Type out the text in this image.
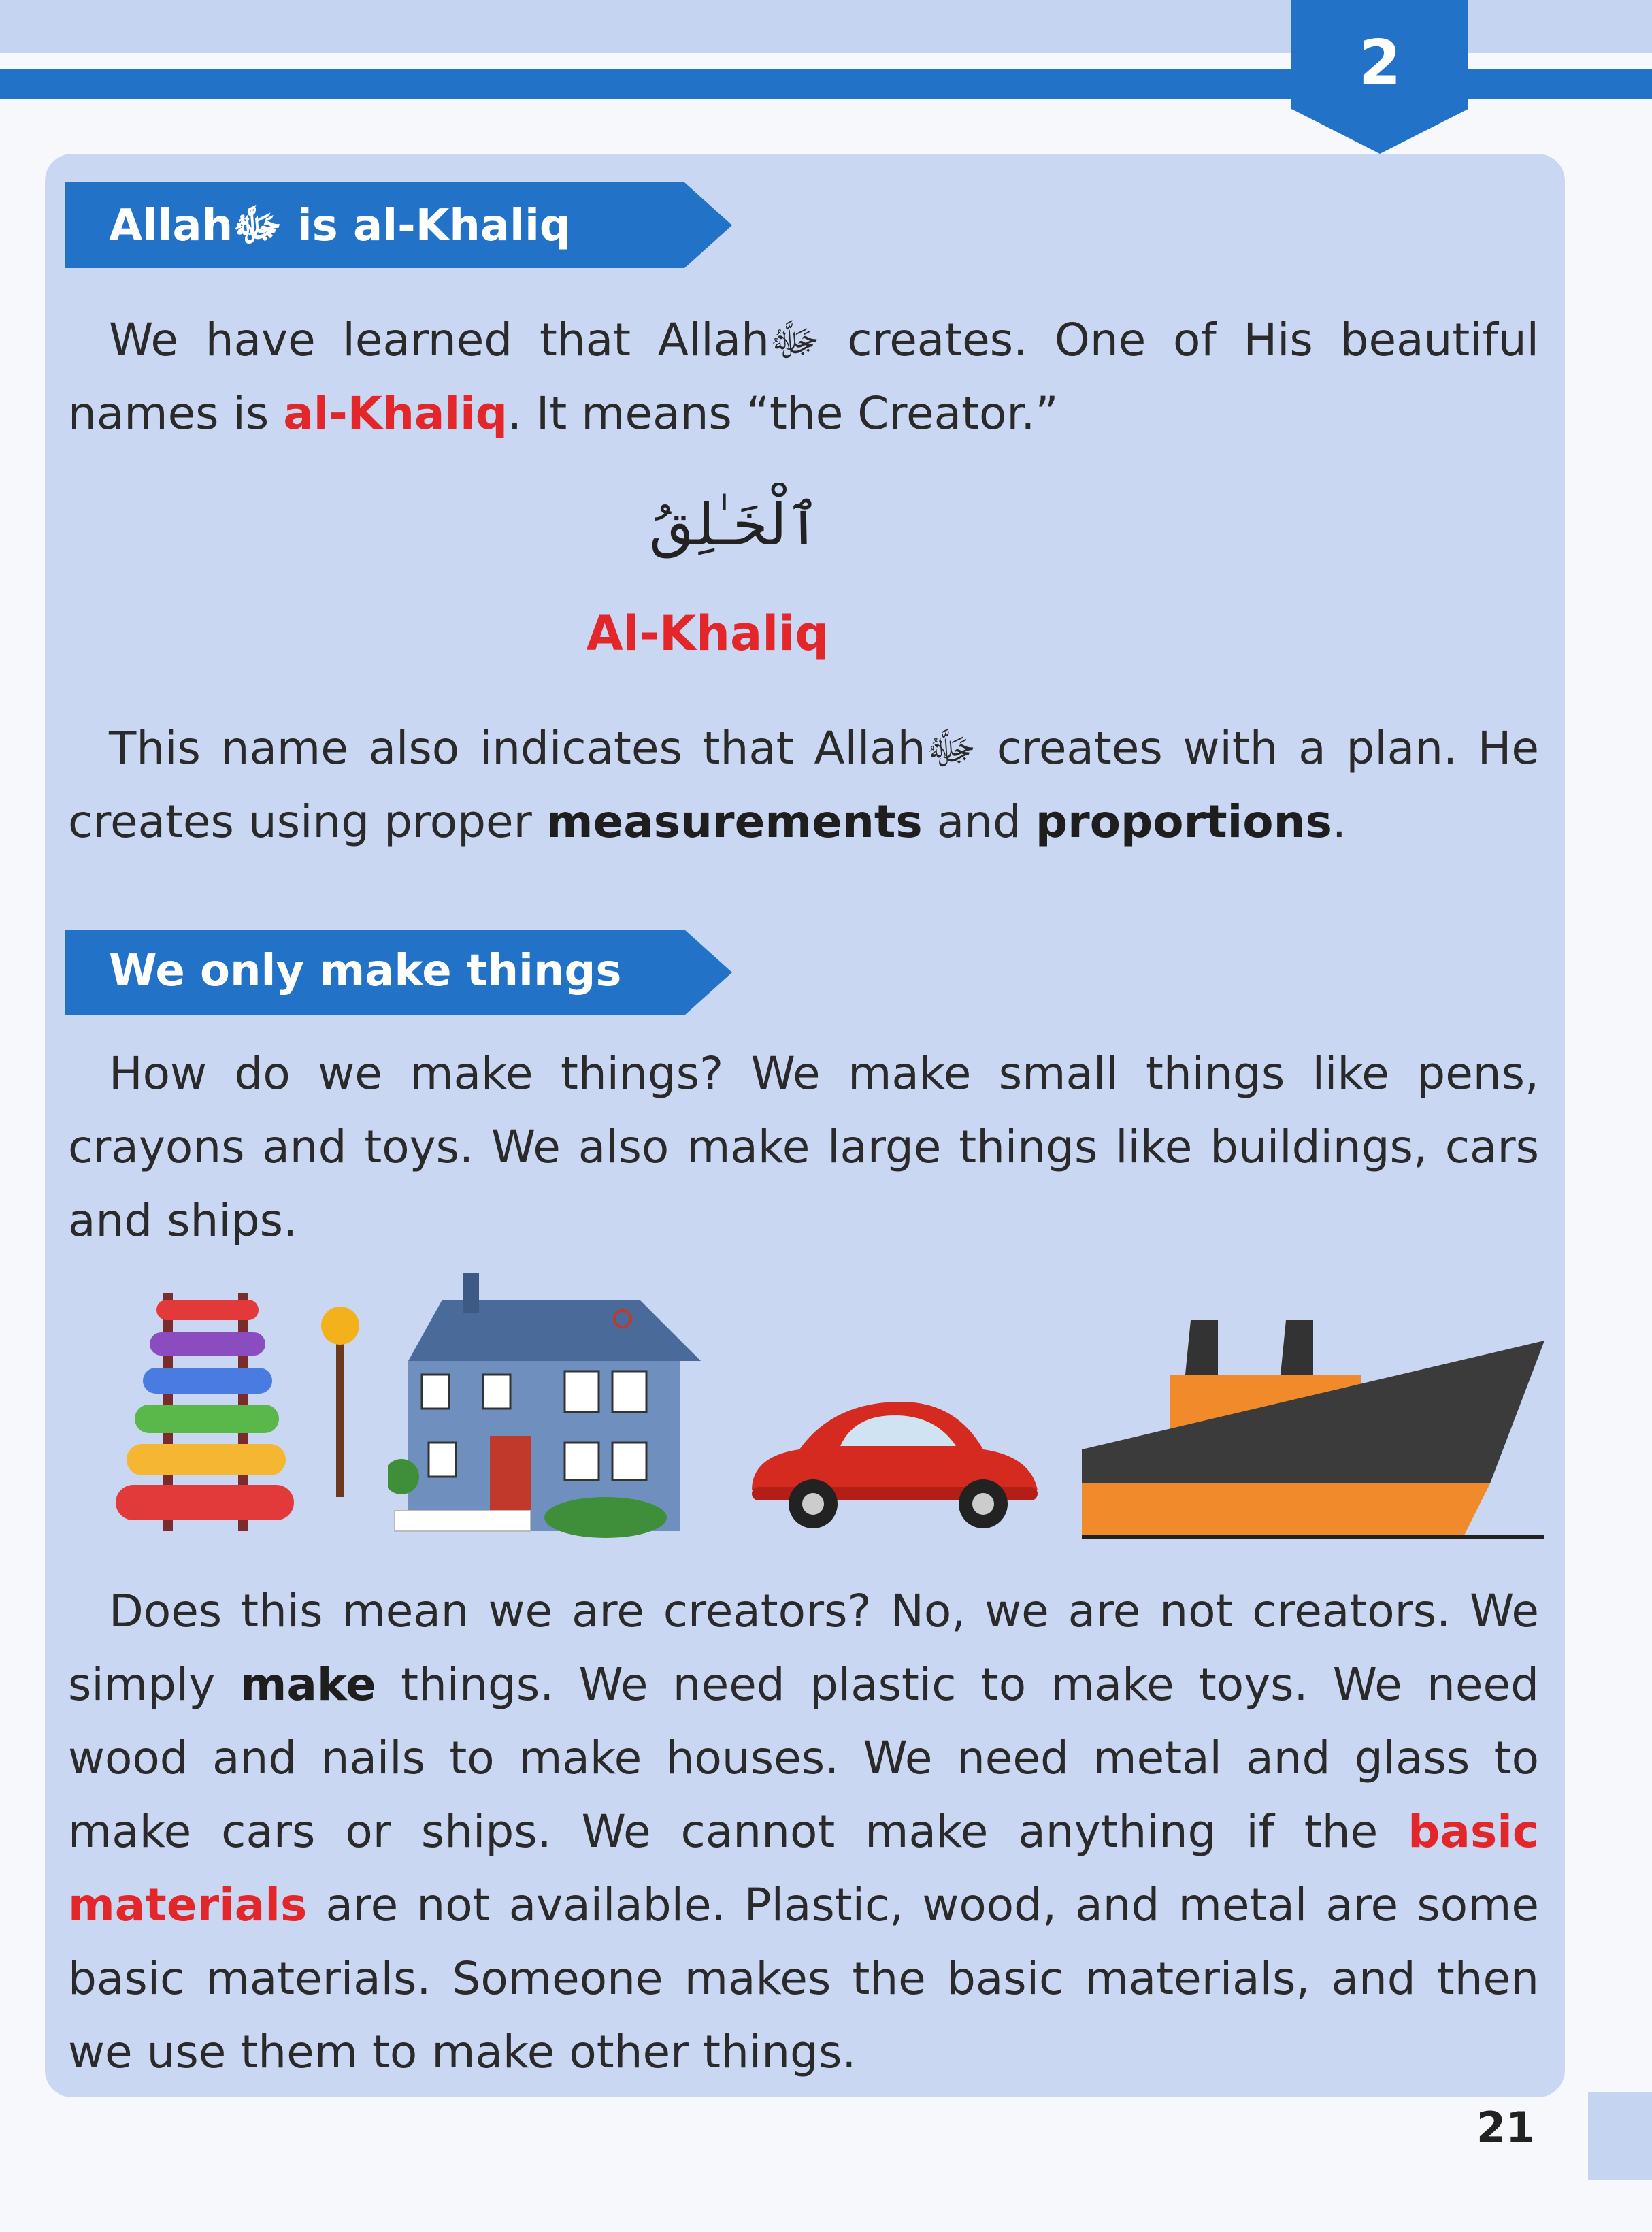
2
Allahﷻ is al-Khaliq
We have learned that Allahﷻ creates. One of His beautiful names is al-Khaliq. It means “the Creator.”
ٱلْخَـٰلِقُ
Al-Khaliq
This name also indicates that Allahﷻ creates with a plan. He creates using proper measurements and proportions.
We only make things
How do we make things? We make small things like pens, crayons and toys. We also make large things like buildings, cars and ships.
Does this mean we are creators? No, we are not creators. We simply make things. We need plastic to make toys. We need wood and nails to make houses. We need metal and glass to make cars or ships. We cannot make anything if the basic materials are not available. Plastic, wood, and metal are some basic materials. Someone makes the basic materials, and then we use them to make other things.
21
